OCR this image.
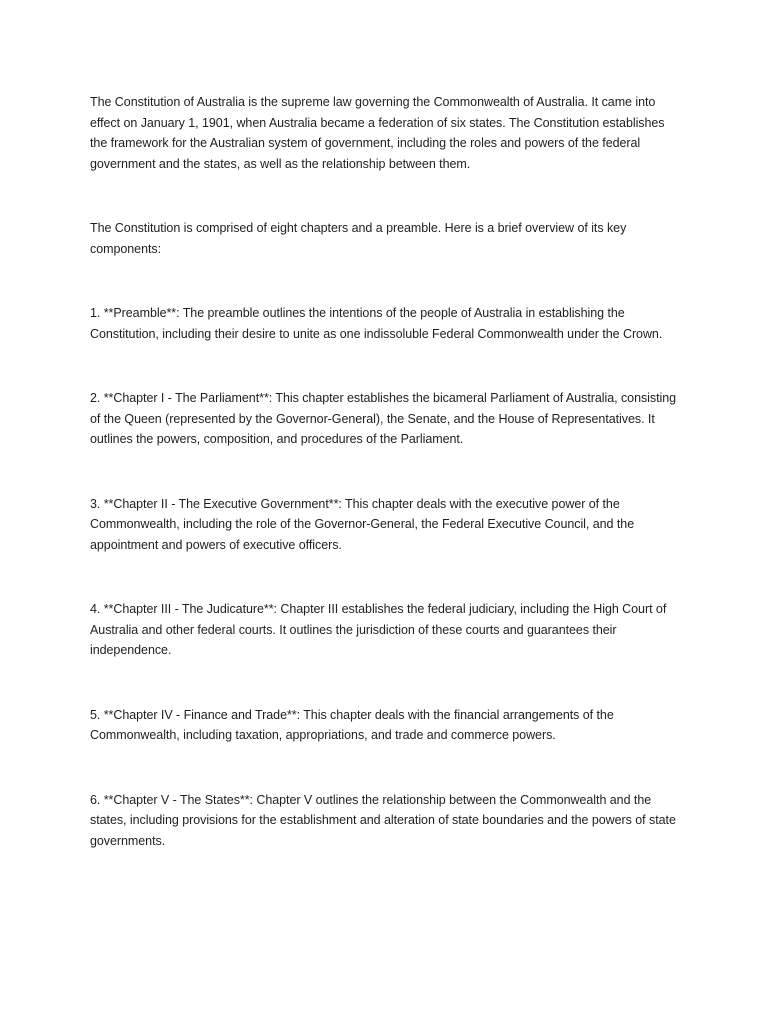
The Constitution of Australia is the supreme law governing the Commonwealth of Australia. It came into effect on January 1, 1901, when Australia became a federation of six states. The Constitution establishes the framework for the Australian system of government, including the roles and powers of the federal government and the states, as well as the relationship between them.

The Constitution is comprised of eight chapters and a preamble. Here is a brief overview of its key components:

1. **Preamble**: The preamble outlines the intentions of the people of Australia in establishing the Constitution, including their desire to unite as one indissoluble Federal Commonwealth under the Crown.

2. **Chapter I - The Parliament**: This chapter establishes the bicameral Parliament of Australia, consisting of the Queen (represented by the Governor-General), the Senate, and the House of Representatives. It outlines the powers, composition, and procedures of the Parliament.

3. **Chapter II - The Executive Government**: This chapter deals with the executive power of the Commonwealth, including the role of the Governor-General, the Federal Executive Council, and the appointment and powers of executive officers.

4. **Chapter III - The Judicature**: Chapter III establishes the federal judiciary, including the High Court of Australia and other federal courts. It outlines the jurisdiction of these courts and guarantees their independence.

5. **Chapter IV - Finance and Trade**: This chapter deals with the financial arrangements of the Commonwealth, including taxation, appropriations, and trade and commerce powers.

6. **Chapter V - The States**: Chapter V outlines the relationship between the Commonwealth and the states, including provisions for the establishment and alteration of state boundaries and the powers of state governments.
